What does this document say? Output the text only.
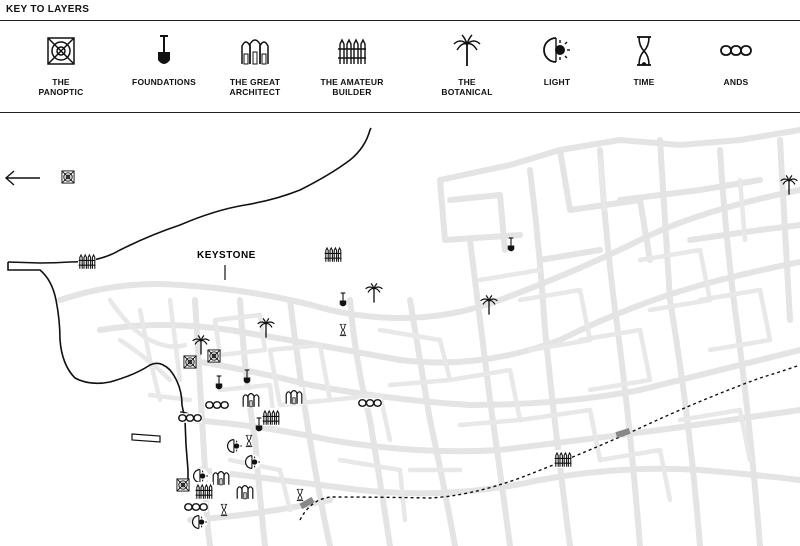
KEY TO LAYERS
THE
PANOPTIC
FOUNDATIONS	THE GREAT
ARCHITECT
THE AMATEUR
BUILDER
THE
BOTANICAL
LIGHT	TIME	ANDS
KEYSTONE
